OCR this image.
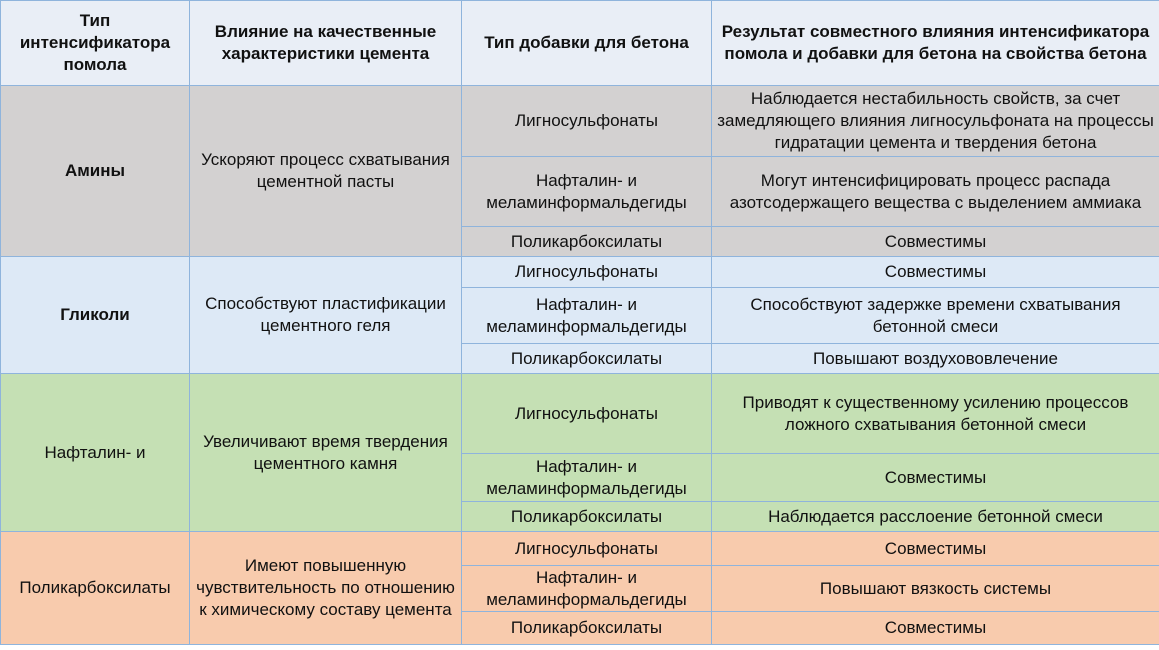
Тип интенсификатора помола	Влияние на качественные характеристики цемента	Тип добавки для бетона	Результат совместного влияния интенсификатора помола и добавки для бетона на свойства бетона
Амины	Ускоряют процесс схватывания цементной пасты	Лигносульфонаты	Наблюдается нестабильность свойств, за счет замедляющего влияния лигносульфоната на процессы гидратации цемента и твердения бетона
		Нафталин- и меламинформальдегиды	Могут интенсифицировать процесс распада азотсодержащего вещества с выделением аммиака
		Поликарбоксилаты	Совместимы
Гликоли	Способствуют пластификации цементного геля	Лигносульфонаты	Совместимы
		Нафталин- и меламинформальдегиды	Способствуют задержке времени схватывания бетонной смеси
		Поликарбоксилаты	Повышают воздухововлечение
Нафталин- и	Увеличивают время твердения цементного камня	Лигносульфонаты	Приводят к существенному усилению процессов ложного схватывания бетонной смеси
		Нафталин- и меламинформальдегиды	Совместимы
		Поликарбоксилаты	Наблюдается расслоение бетонной смеси
Поликарбоксилаты	Имеют повышенную чувствительность по отношению к химическому составу цемента	Лигносульфонаты	Совместимы
		Нафталин- и меламинформальдегиды	Повышают вязкость системы
		Поликарбоксилаты	Совместимы
